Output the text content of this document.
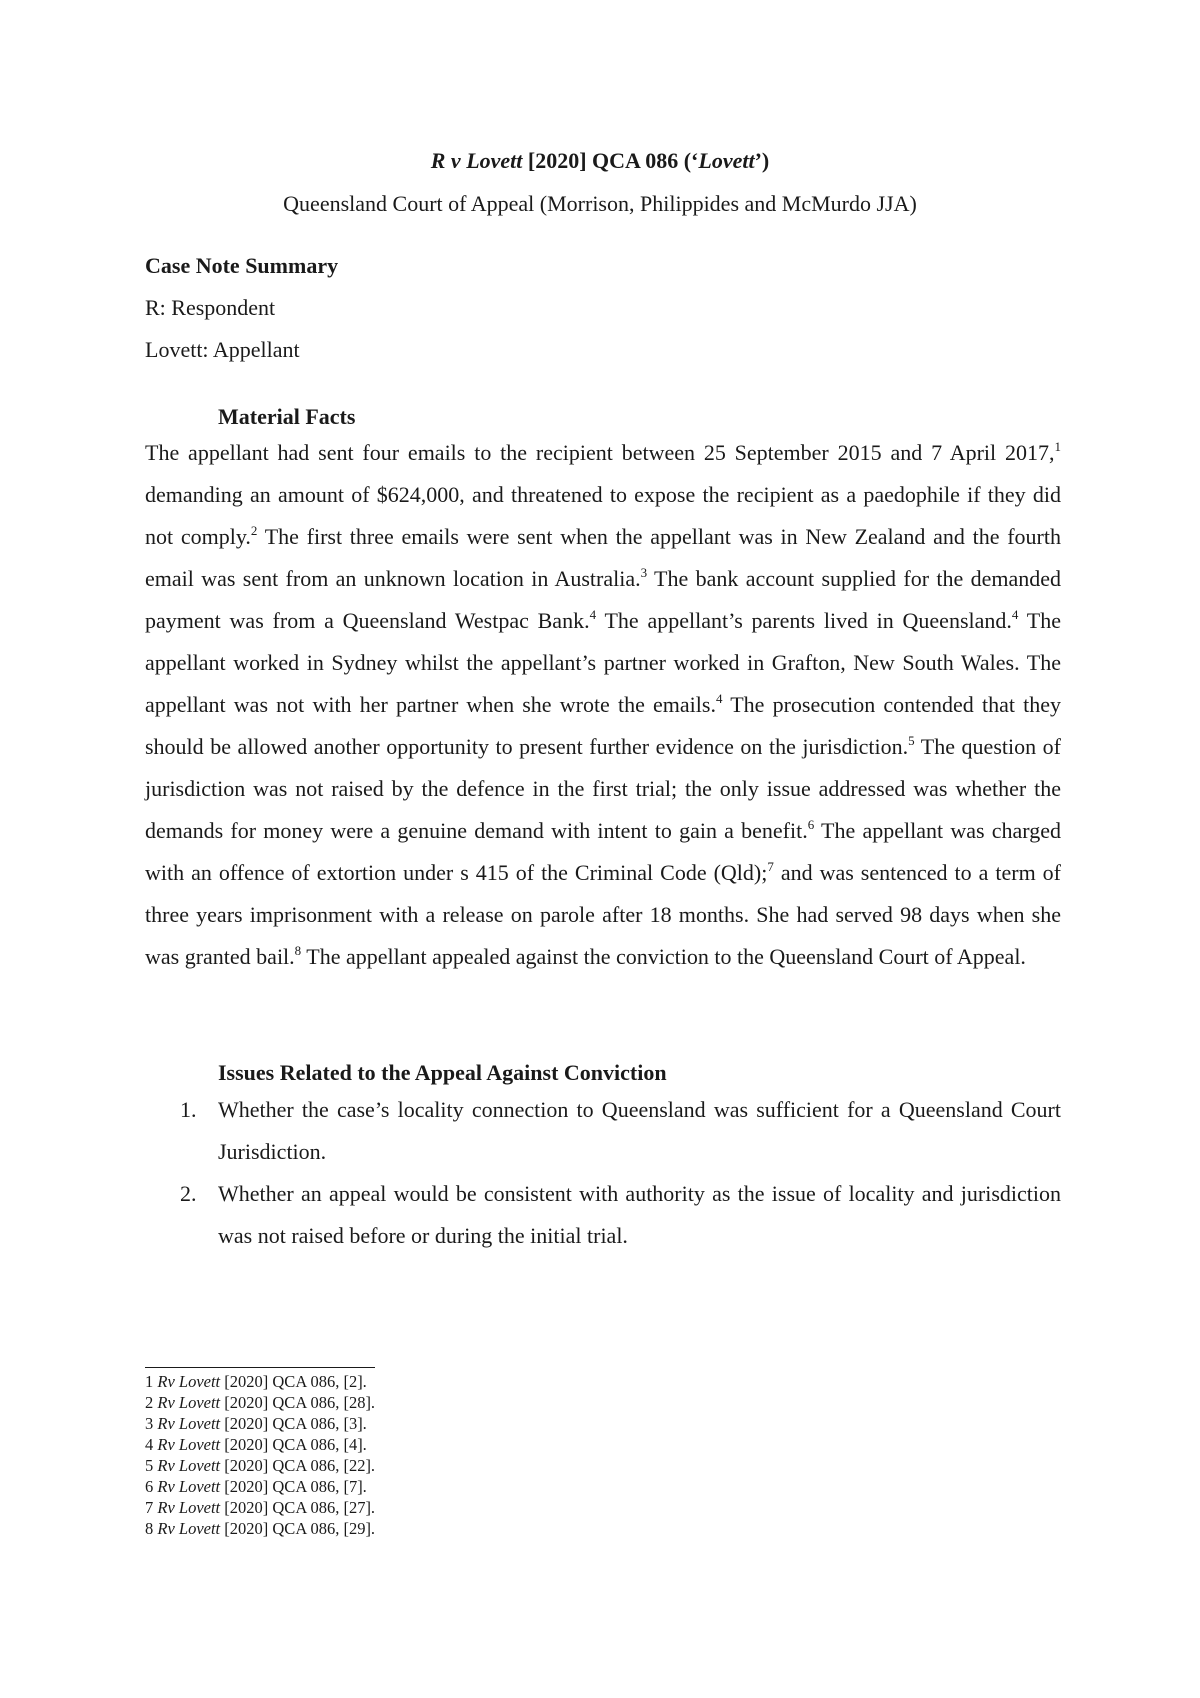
R v Lovett [2020] QCA 086 (‘Lovett’)
Queensland Court of Appeal (Morrison, Philippides and McMurdo JJA)
Case Note Summary
R: Respondent
Lovett: Appellant
Material Facts
The appellant had sent four emails to the recipient between 25 September 2015 and 7 April 2017,$^1$ demanding an amount of $624,000, and threatened to expose the recipient as a paedophile if they did not comply.$^2$ The first three emails were sent when the appellant was in New Zealand and the fourth email was sent from an unknown location in Australia.$^3$ The bank account supplied for the demanded payment was from a Queensland Westpac Bank.$^4$ The appellant’s parents lived in Queensland.$^4$ The appellant worked in Sydney whilst the appellant’s partner worked in Grafton, New South Wales. The appellant was not with her partner when she wrote the emails.$^4$ The prosecution contended that they should be allowed another opportunity to present further evidence on the jurisdiction.$^5$ The question of jurisdiction was not raised by the defence in the first trial; the only issue addressed was whether the demands for money were a genuine demand with intent to gain a benefit.$^6$ The appellant was charged with an offence of extortion under s 415 of the Criminal Code (Qld);$^7$ and was sentenced to a term of three years imprisonment with a release on parole after 18 months. She had served 98 days when she was granted bail.$^8$ The appellant appealed against the conviction to the Queensland Court of Appeal.
Issues Related to the Appeal Against Conviction
1. Whether the case’s locality connection to Queensland was sufficient for a Queensland Court Jurisdiction.
2. Whether an appeal would be consistent with authority as the issue of locality and jurisdiction was not raised before or during the initial trial.
1 Rv Lovett [2020] QCA 086, [2].
2 Rv Lovett [2020] QCA 086, [28].
3 Rv Lovett [2020] QCA 086, [3].
4 Rv Lovett [2020] QCA 086, [4].
5 Rv Lovett [2020] QCA 086, [22].
6 Rv Lovett [2020] QCA 086, [7].
7 Rv Lovett [2020] QCA 086, [27].
8 Rv Lovett [2020] QCA 086, [29].
